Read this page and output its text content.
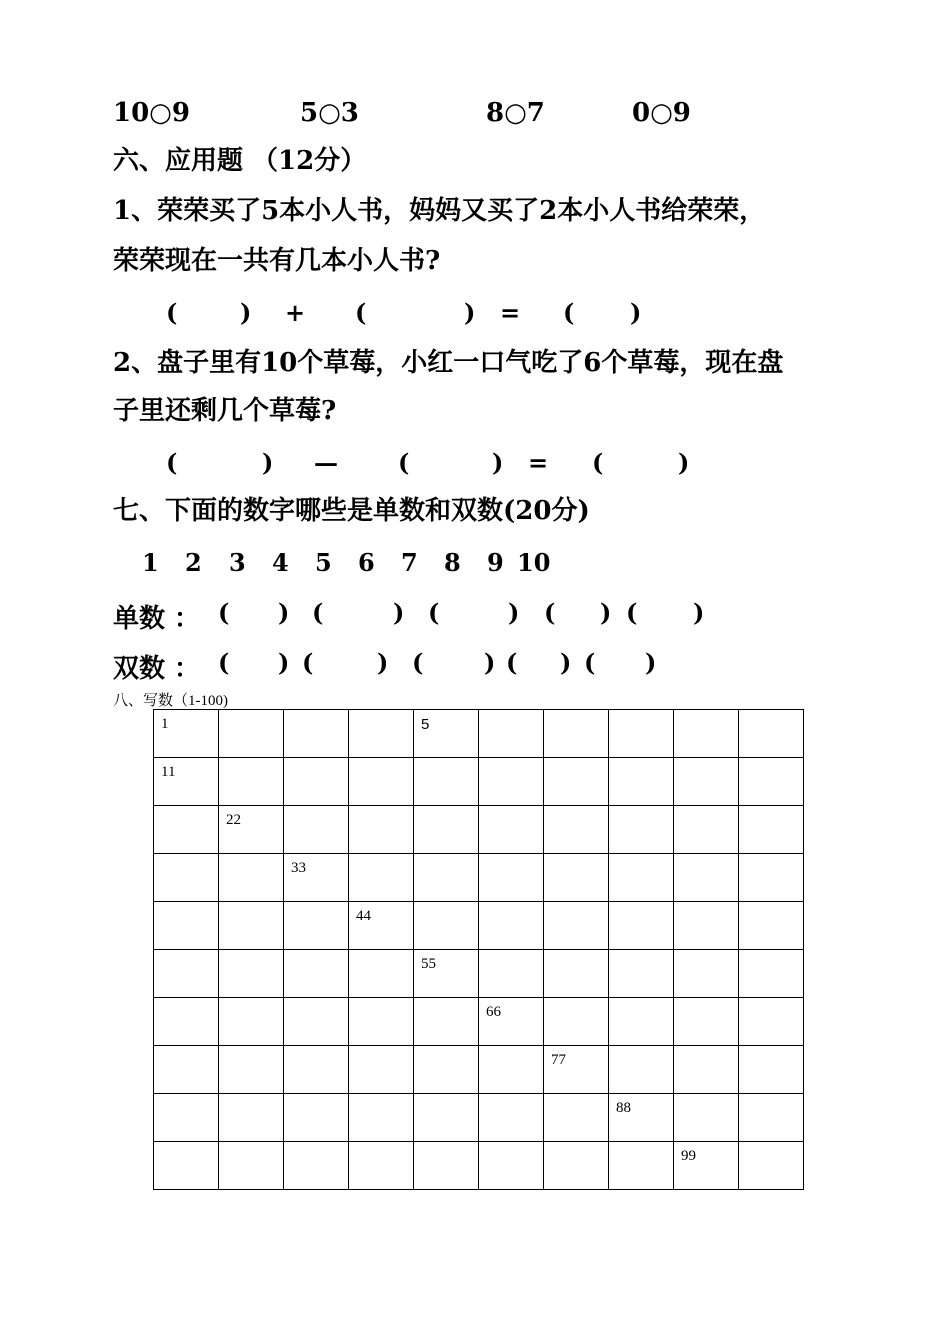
10○9	5○3	8○7	0○9
六、应用题 （12分）
1、荣荣买了5本小人书，妈妈又买了2本小人书给荣荣，
荣荣现在一共有几本小人书?
(	) + (	) = ( )
2、盘子里有10个草莓，小红一口气吃了6个草莓，现在盘
子里还剩几个草莓?
(	) —	(	) = (	)
七、下面的数字哪些是单数和双数(20分)
1 2 3 4 5 6 7 8 9 10
单数 ： ( ) (	) (	) ( ) ( )
双数 ： ( ) (	) (	) ( ) ( )
八、写数（1-100)
1				5					

11									

	22								

		33							

			44						

				55					

					66				

						77			

							88		

								99	
